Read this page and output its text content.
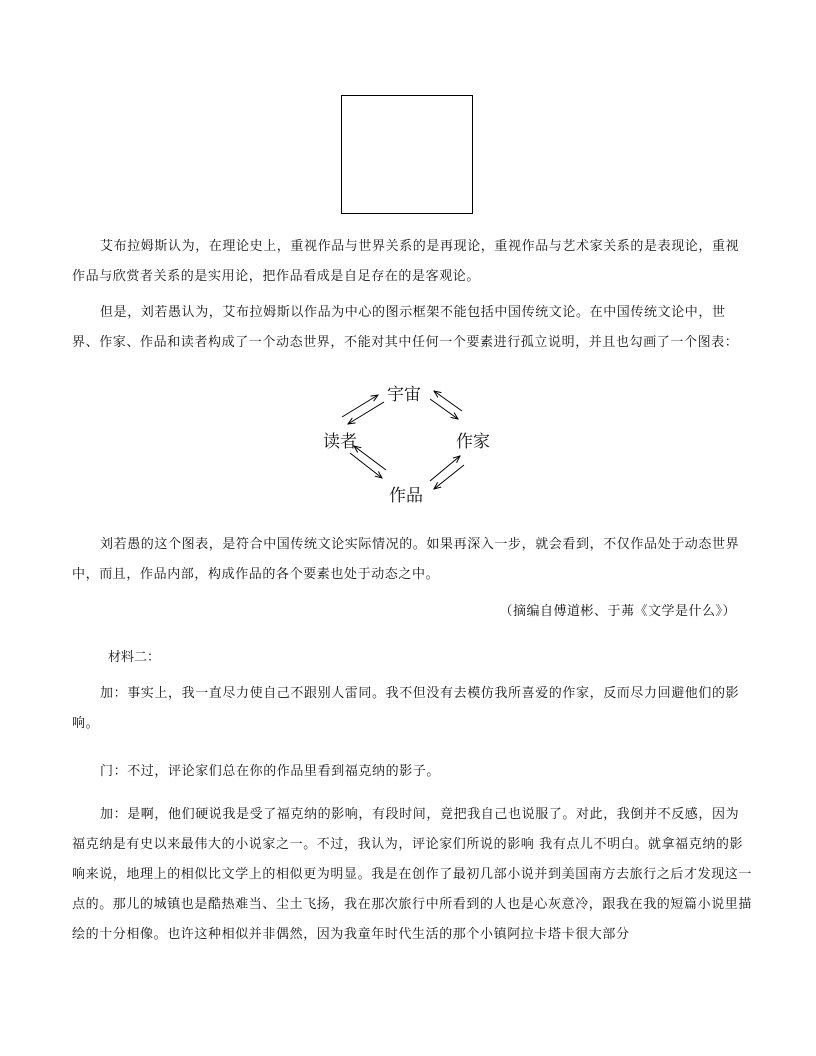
艾布拉姆斯认为，在理论史上，重视作品与世界关系的是再现论，重视作品与艺术家关系的是表现论，重视作品与欣赏者关系的是实用论，把作品看成是自足存在的是客观论。

但是，刘若愚认为，艾布拉姆斯以作品为中心的图示框架不能包括中国传统文论。在中国传统文论中，世界、作家、作品和读者构成了一个动态世界，不能对其中任何一个要素进行孤立说明，并且也勾画了一个图表：

宇宙
作家
作品
读者

刘若愚的这个图表，是符合中国传统文论实际情况的。如果再深入一步，就会看到，不仅作品处于动态世界中，而且，作品内部，构成作品的各个要素也处于动态之中。

（摘编自傅道彬、于茀《文学是什么》）

材料二：

加：事实上，我一直尽力使自己不跟别人雷同。我不但没有去模仿我所喜爱的作家，反而尽力回避他们的影响。

门：不过，评论家们总在你的作品里看到福克纳的影子。

加：是啊，他们硬说我是受了福克纳的影响，有段时间，竟把我自己也说服了。对此，我倒并不反感，因为福克纳是有史以来最伟大的小说家之一。不过，我认为，评论家们所说的影响 我有点儿不明白。就拿福克纳的影响来说，地理上的相似比文学上的相似更为明显。我是在创作了最初几部小说并到美国南方去旅行之后才发现这一点的。那儿的城镇也是酷热难当、尘土飞扬，我在那次旅行中所看到的人也是心灰意冷，跟我在我的短篇小说里描绘的十分相像。也许这种相似并非偶然，因为我童年时代生活的那个小镇阿拉卡塔卡很大部分
